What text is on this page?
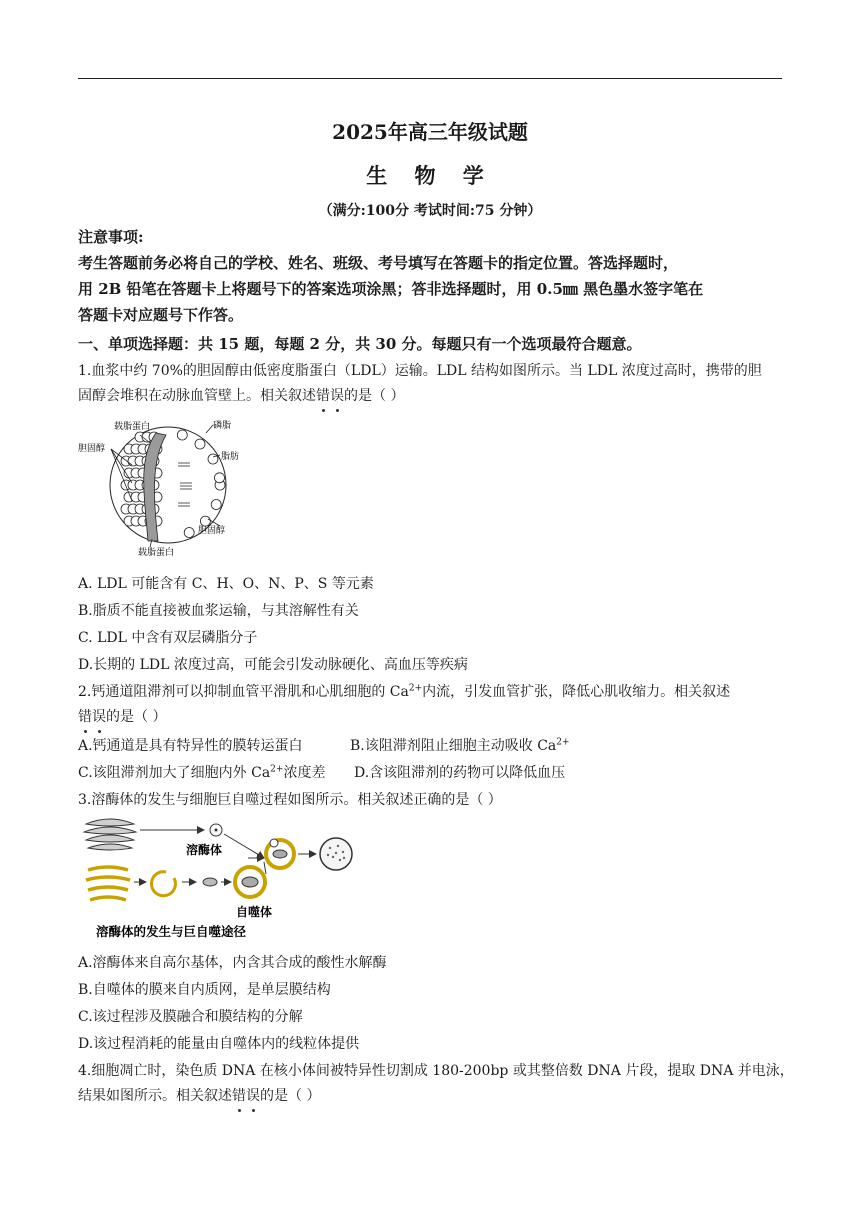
2025年高三年级试题
生 物 学
（满分:100分 考试时间:75 分钟）
注意事项:
考生答题前务必将自己的学校、姓名、班级、考号填写在答题卡的指定位置。答选择题时，
用 2B 铅笔在答题卡上将题号下的答案选项涂黑；答非选择题时，用 0.5㎜ 黑色墨水签字笔在
答题卡对应题号下作答。
一、单项选择题：共 15 题，每题 2 分，共 30 分。每题只有一个选项最符合题意。
1.血浆中约 70%的胆固醇由低密度脂蛋白（LDL）运输。LDL 结构如图所示。当 LDL 浓度过高时，携带的胆
固醇会堆积在动脉血管壁上。相关叙述错误的是（ ）
载脂蛋白	磷脂
胆固醇
脂肪
胆固醇
载脂蛋白
A. LDL 可能含有 C、H、O、N、P、S 等元素
B.脂质不能直接被血浆运输，与其溶解性有关
C. LDL 中含有双层磷脂分子
D.长期的 LDL 浓度过高，可能会引发动脉硬化、高血压等疾病
2.钙通道阻滞剂可以抑制血管平滑肌和心肌细胞的 $Ca^{2+}$内流，引发血管扩张，降低心肌收缩力。相关叙述
错误的是（ ）
A.钙通道是具有特异性的膜转运蛋白	B.该阻滞剂阻止细胞主动吸收 $Ca^{2+}$
C.该阻滞剂加大了细胞内外 $Ca^{2+}$浓度差 D.含该阻滞剂的药物可以降低血压
3.溶酶体的发生与细胞巨自噬过程如图所示。相关叙述正确的是（ ）
溶酶体
自噬体
溶酶体的发生与巨自噬途径
A.溶酶体来自高尔基体，内含其合成的酸性水解酶
B.自噬体的膜来自内质网，是单层膜结构
C.该过程涉及膜融合和膜结构的分解
D.该过程消耗的能量由自噬体内的线粒体提供
4.细胞凋亡时，染色质 DNA 在核小体间被特异性切割成 180-200bp 或其整倍数 DNA 片段，提取 DNA 并电泳，
结果如图所示。相关叙述错误的是（ ）
